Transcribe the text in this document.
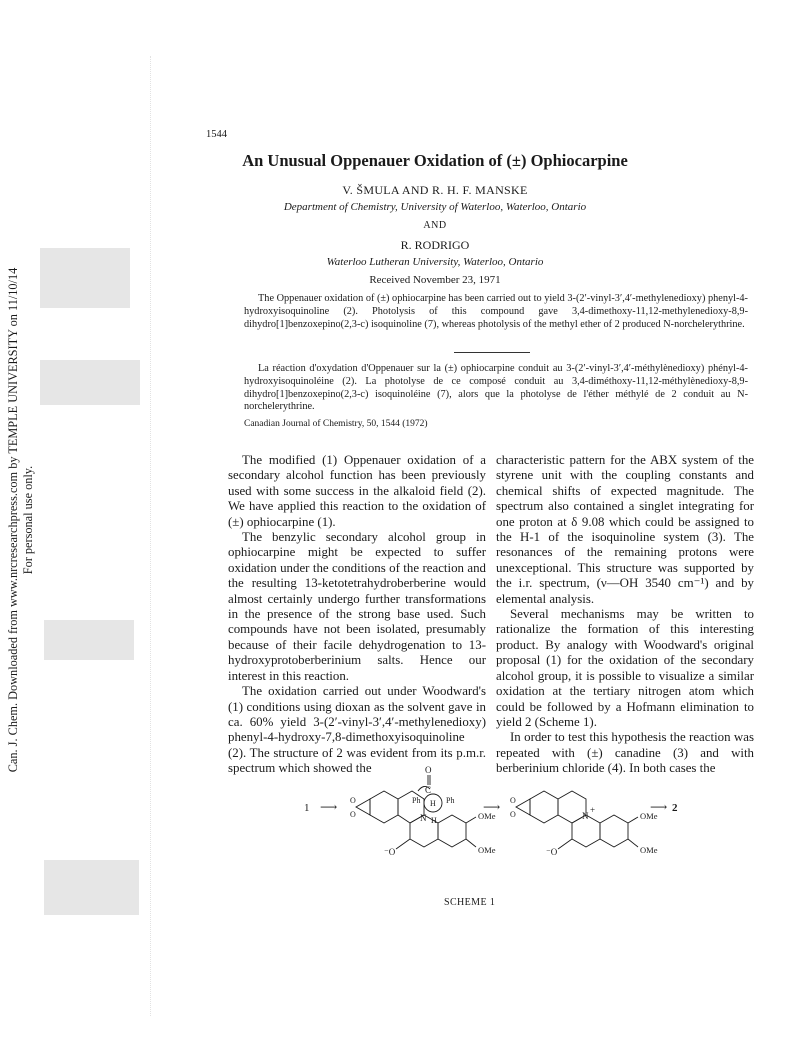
Can. J. Chem. Downloaded from www.nrcresearchpress.com by TEMPLE UNIVERSITY on 11/10/14 For personal use only.
1544
An Unusual Oppenauer Oxidation of (±) Ophiocarpine
V. ŠMULA AND R. H. F. MANSKE
Department of Chemistry, University of Waterloo, Waterloo, Ontario
AND
R. RODRIGO
Waterloo Lutheran University, Waterloo, Ontario
Received November 23, 1971

The Oppenauer oxidation of (±) ophiocarpine has been carried out to yield 3-(2′-vinyl-3′,4′-methylenedioxy) phenyl-4-hydroxyisoquinoline (2). Photolysis of this compound gave 3,4-dimethoxy-11,12-methylenedioxy-8,9-dihydro[1]benzoxepino(2,3-c) isoquinoline (7), whereas photolysis of the methyl ether of 2 produced N-norchelerythrine.

La réaction d'oxydation d'Oppenauer sur la (±) ophiocarpine conduit au 3-(2′-vinyl-3′,4′-méthylènedioxy) phényl-4-hydroxyisoquinoléine (2). La photolyse de ce composé conduit au 3,4-diméthoxy-11,12-méthylènedioxy-8,9-dihydro[1]benzoxepino(2,3-c) isoquinoléine (7), alors que la photolyse de l'éther méthylé de 2 conduit au N-norchelerythrine.

Canadian Journal of Chemistry, 50, 1544 (1972)

The modified (1) Oppenauer oxidation of a secondary alcohol function has been previously used with some success in the alkaloid field (2). We have applied this reaction to the oxidation of (±) ophiocarpine (1).

The benzylic secondary alcohol group in ophiocarpine might be expected to suffer oxidation under the conditions of the reaction and the resulting 13-ketotetrahydroberberine would almost certainly undergo further transformations in the presence of the strong base used. Such compounds have not been isolated, presumably because of their facile dehydrogenation to 13-hydroxyprotoberberinium salts. Hence our interest in this reaction.

The oxidation carried out under Woodward's (1) conditions using dioxan as the solvent gave in ca. 60% yield 3-(2′-vinyl-3′,4′-methylenedioxy) phenyl-4-hydroxy-7,8-dimethoxyisoquinoline (2). The structure of 2 was evident from its p.m.r. spectrum which showed the

characteristic pattern for the ABX system of the styrene unit with the coupling constants and chemical shifts of expected magnitude. The spectrum also contained a singlet integrating for one proton at δ 9.08 which could be assigned to the H-1 of the isoquinoline system (3). The resonances of the remaining protons were unexceptional. This structure was supported by the i.r. spectrum, (ν—OH 3540 cm⁻¹) and by elemental analysis.

Several mechanisms may be written to rationalize the formation of this interesting product. By analogy with Woodward's original proposal (1) for the oxidation of the secondary alcohol group, it is possible to visualize a similar oxidation at the tertiary nitrogen atom which could be followed by a Hofmann elimination to yield 2 (Scheme 1).

In order to test this hypothesis the reaction was repeated with (±) canadine (3) and with berberinium chloride (4). In both cases the

1 ⟶	⟶	⟶ 2
O
O
O
O
O
C
Ph	Ph
H
N H
⁻O
OMe
OMe
N
+
⁻O
OMe
OMe
SCHEME 1
